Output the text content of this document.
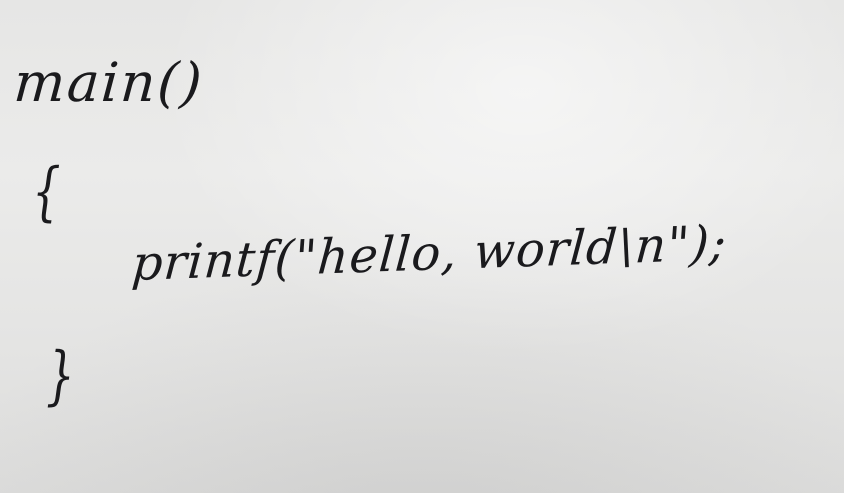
main()
{
printf("hello, world\n");
}
